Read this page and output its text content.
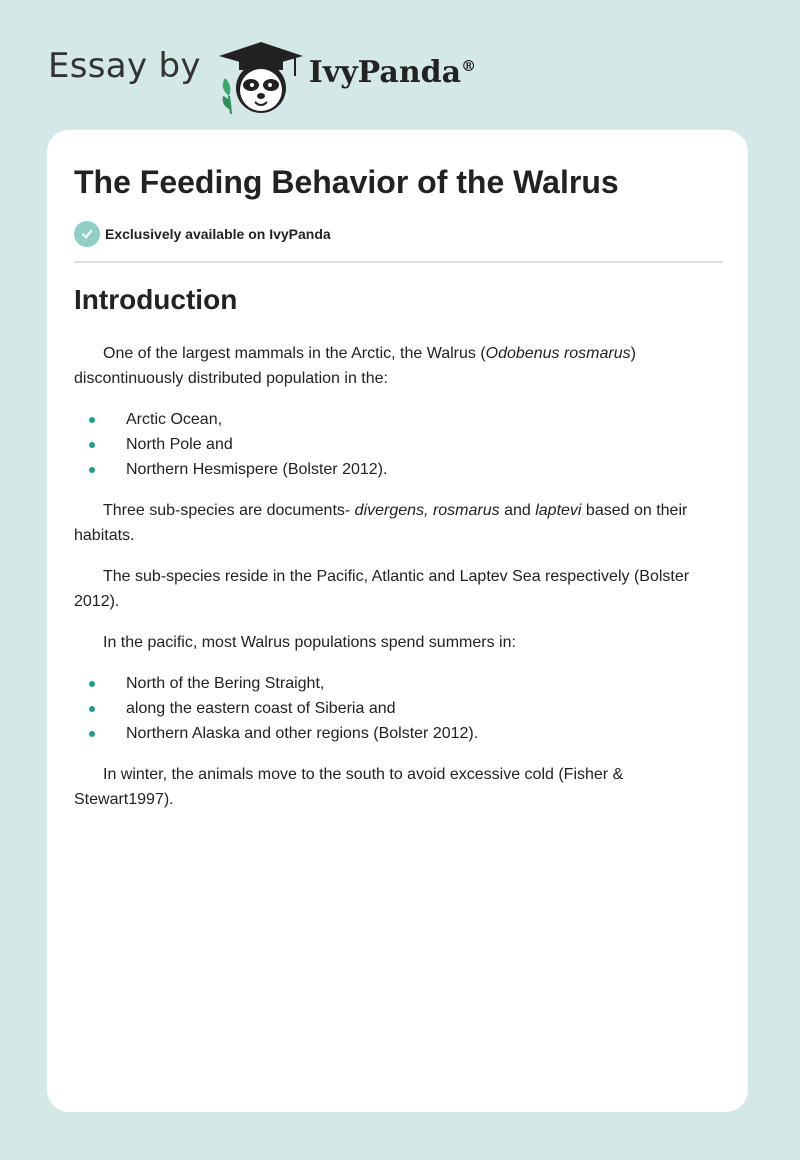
Essay by	IvyPanda®
The Feeding Behavior of the Walrus
Exclusively available on IvyPanda
Introduction

One of the largest mammals in the Arctic, the Walrus (Odobenus rosmarus) discontinuously distributed population in the:

Arctic Ocean,
North Pole and
Northern Hesmispere (Bolster 2012).

Three sub-species are documents- divergens, rosmarus and laptevi based on their habitats.

The sub-species reside in the Pacific, Atlantic and Laptev Sea respectively (Bolster 2012).

In the pacific, most Walrus populations spend summers in:

North of the Bering Straight,
along the eastern coast of Siberia and
Northern Alaska and other regions (Bolster 2012).

In winter, the animals move to the south to avoid excessive cold (Fisher & Stewart1997).
